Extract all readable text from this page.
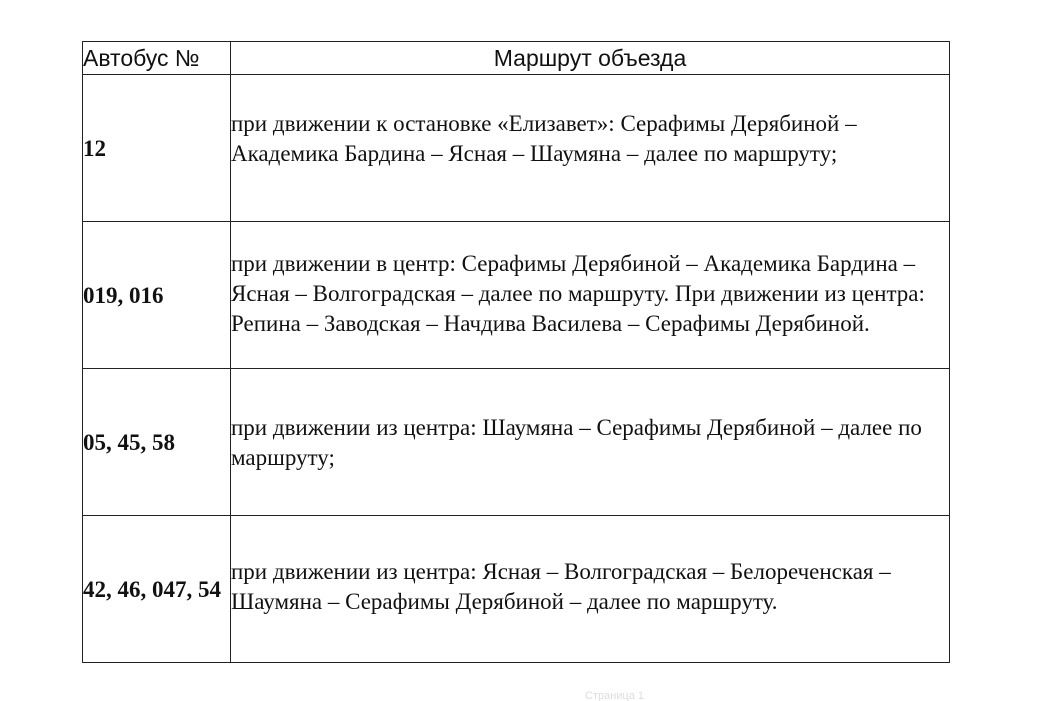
Автобус №	Маршрут объезда
12	при движении к остановке «Елизавет»: Серафимы Дерябиной – Академика Бардина – Ясная – Шаумяна – далее по маршруту;

019, 016	при движении в центр: Серафимы Дерябиной – Академика Бардина – Ясная – Волгоградская – далее по маршруту. При движении из центра: Репина – Заводская – Начдива Василева – Серафимы Дерябиной.

05, 45, 58	при движении из центра: Шаумяна – Серафимы Дерябиной – далее по маршруту;

42, 46, 047, 54	при движении из центра: Ясная – Волгоградская – Белореченская – Шаумяна – Серафимы Дерябиной – далее по маршруту.
Страница 1
